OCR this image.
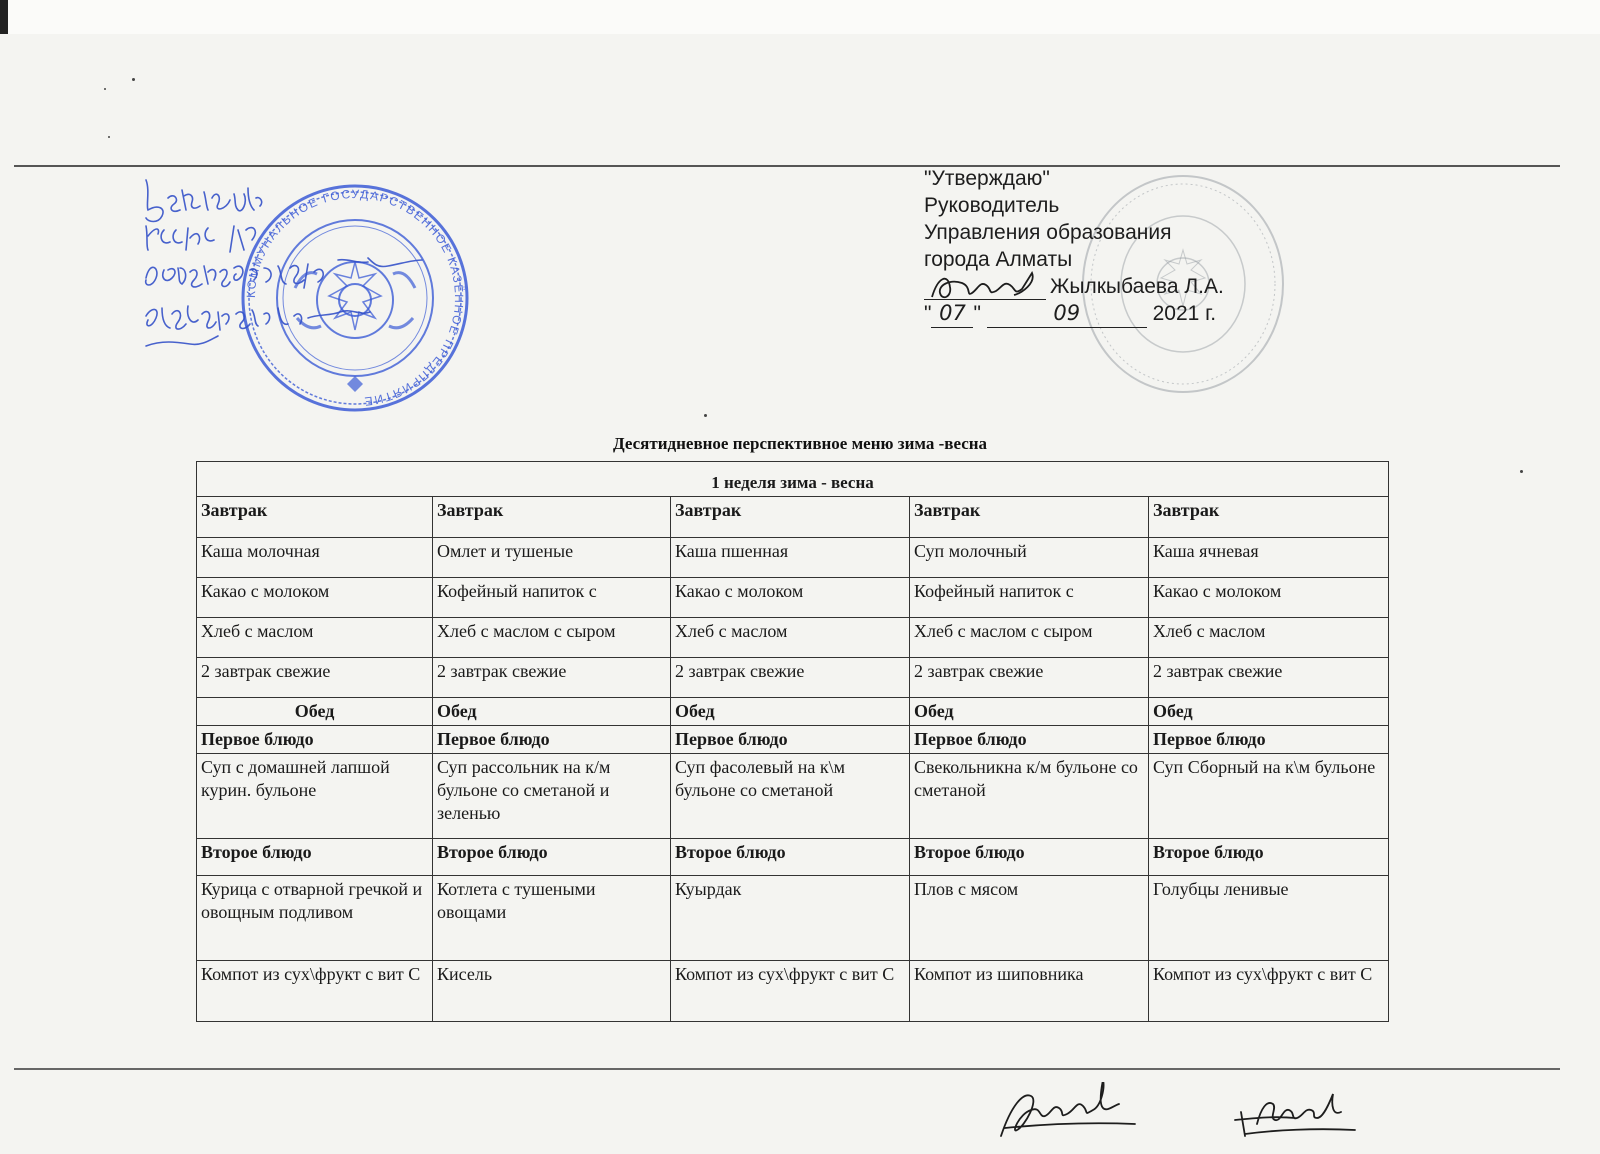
КОММУНАЛЬНОЕ ГОСУДАРСТВЕННОЕ КАЗЁННОЕ ПРЕДПРИЯТИЕ
"Утверждаю"
Руководитель
Управления образования
города Алматы
Жылкыбаева Л.А.
" 07 "	09	2021 г.
Десятидневное перспективное меню зима -весна
1 неделя зима - весна				
Завтрак	Завтрак	Завтрак	Завтрак	Завтрак
Каша молочная	Омлет и тушеные	Каша пшенная	Суп молочный	Каша ячневая
Какао с молоком	Кофейный напиток с	Какао с молоком	Кофейный напиток с	Какао с молоком
Хлеб с маслом	Хлеб с маслом с сыром	Хлеб с маслом	Хлеб с маслом с сыром	Хлеб с маслом
2 завтрак свежие	2 завтрак свежие	2 завтрак свежие	2 завтрак свежие	2 завтрак свежие
Обед	Обед	Обед	Обед	Обед
Первое блюдо	Первое блюдо	Первое блюдо	Первое блюдо	Первое блюдо
Суп с домашней лапшой курин. бульоне	Суп рассольник на к/м бульоне со сметаной и зеленью	Суп фасолевый на к\м бульоне со сметаной	Свекольникна к/м бульоне со сметаной	Суп Сборный на к\м бульоне
Второе блюдо	Второе блюдо	Второе блюдо	Второе блюдо	Второе блюдо
Курица с отварной гречкой и овощным подливом	Котлета с тушеными овощами	Куырдак	Плов с мясом	Голубцы ленивые
Компот из сух\фрукт с вит С	Кисель	Компот из сух\фрукт с вит С	Компот из шиповника	Компот из сух\фрукт с вит С
